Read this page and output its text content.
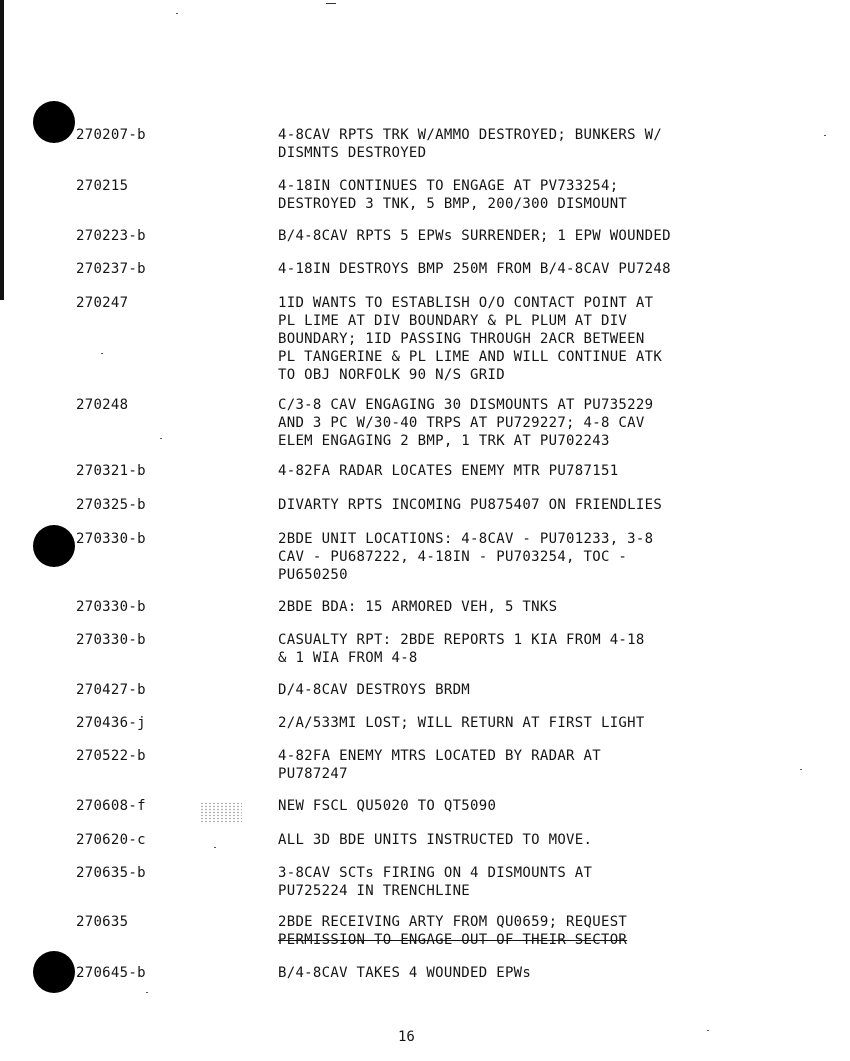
270207-b	4-8CAV RPTS TRK W/AMMO DESTROYED; BUNKERS W/
DISMNTS DESTROYED
270215	4-18IN CONTINUES TO ENGAGE AT PV733254;
DESTROYED 3 TNK, 5 BMP, 200/300 DISMOUNT
270223-b	B/4-8CAV RPTS 5 EPWs SURRENDER; 1 EPW WOUNDED
270237-b	4-18IN DESTROYS BMP 250M FROM B/4-8CAV PU7248
270247	1ID WANTS TO ESTABLISH O/O CONTACT POINT AT
PL LIME AT DIV BOUNDARY & PL PLUM AT DIV
BOUNDARY; 1ID PASSING THROUGH 2ACR BETWEEN
PL TANGERINE & PL LIME AND WILL CONTINUE ATK
TO OBJ NORFOLK 90 N/S GRID
270248	C/3-8 CAV ENGAGING 30 DISMOUNTS AT PU735229
AND 3 PC W/30-40 TRPS AT PU729227; 4-8 CAV
ELEM ENGAGING 2 BMP, 1 TRK AT PU702243
270321-b	4-82FA RADAR LOCATES ENEMY MTR PU787151
270325-b	DIVARTY RPTS INCOMING PU875407 ON FRIENDLIES
270330-b	2BDE UNIT LOCATIONS: 4-8CAV - PU701233, 3-8
CAV - PU687222, 4-18IN - PU703254, TOC -
PU650250
270330-b	2BDE BDA: 15 ARMORED VEH, 5 TNKS
270330-b	CASUALTY RPT: 2BDE REPORTS 1 KIA FROM 4-18
& 1 WIA FROM 4-8
270427-b	D/4-8CAV DESTROYS BRDM
270436-j	2/A/533MI LOST; WILL RETURN AT FIRST LIGHT
270522-b	4-82FA ENEMY MTRS LOCATED BY RADAR AT
PU787247
270608-f	NEW FSCL QU5020 TO QT5090
270620-c	ALL 3D BDE UNITS INSTRUCTED TO MOVE.
270635-b	3-8CAV SCTs FIRING ON 4 DISMOUNTS AT
PU725224 IN TRENCHLINE
270635	2BDE RECEIVING ARTY FROM QU0659; REQUEST
PERMISSION TO ENGAGE OUT OF THEIR SECTOR
270645-b	B/4-8CAV TAKES 4 WOUNDED EPWs
16
